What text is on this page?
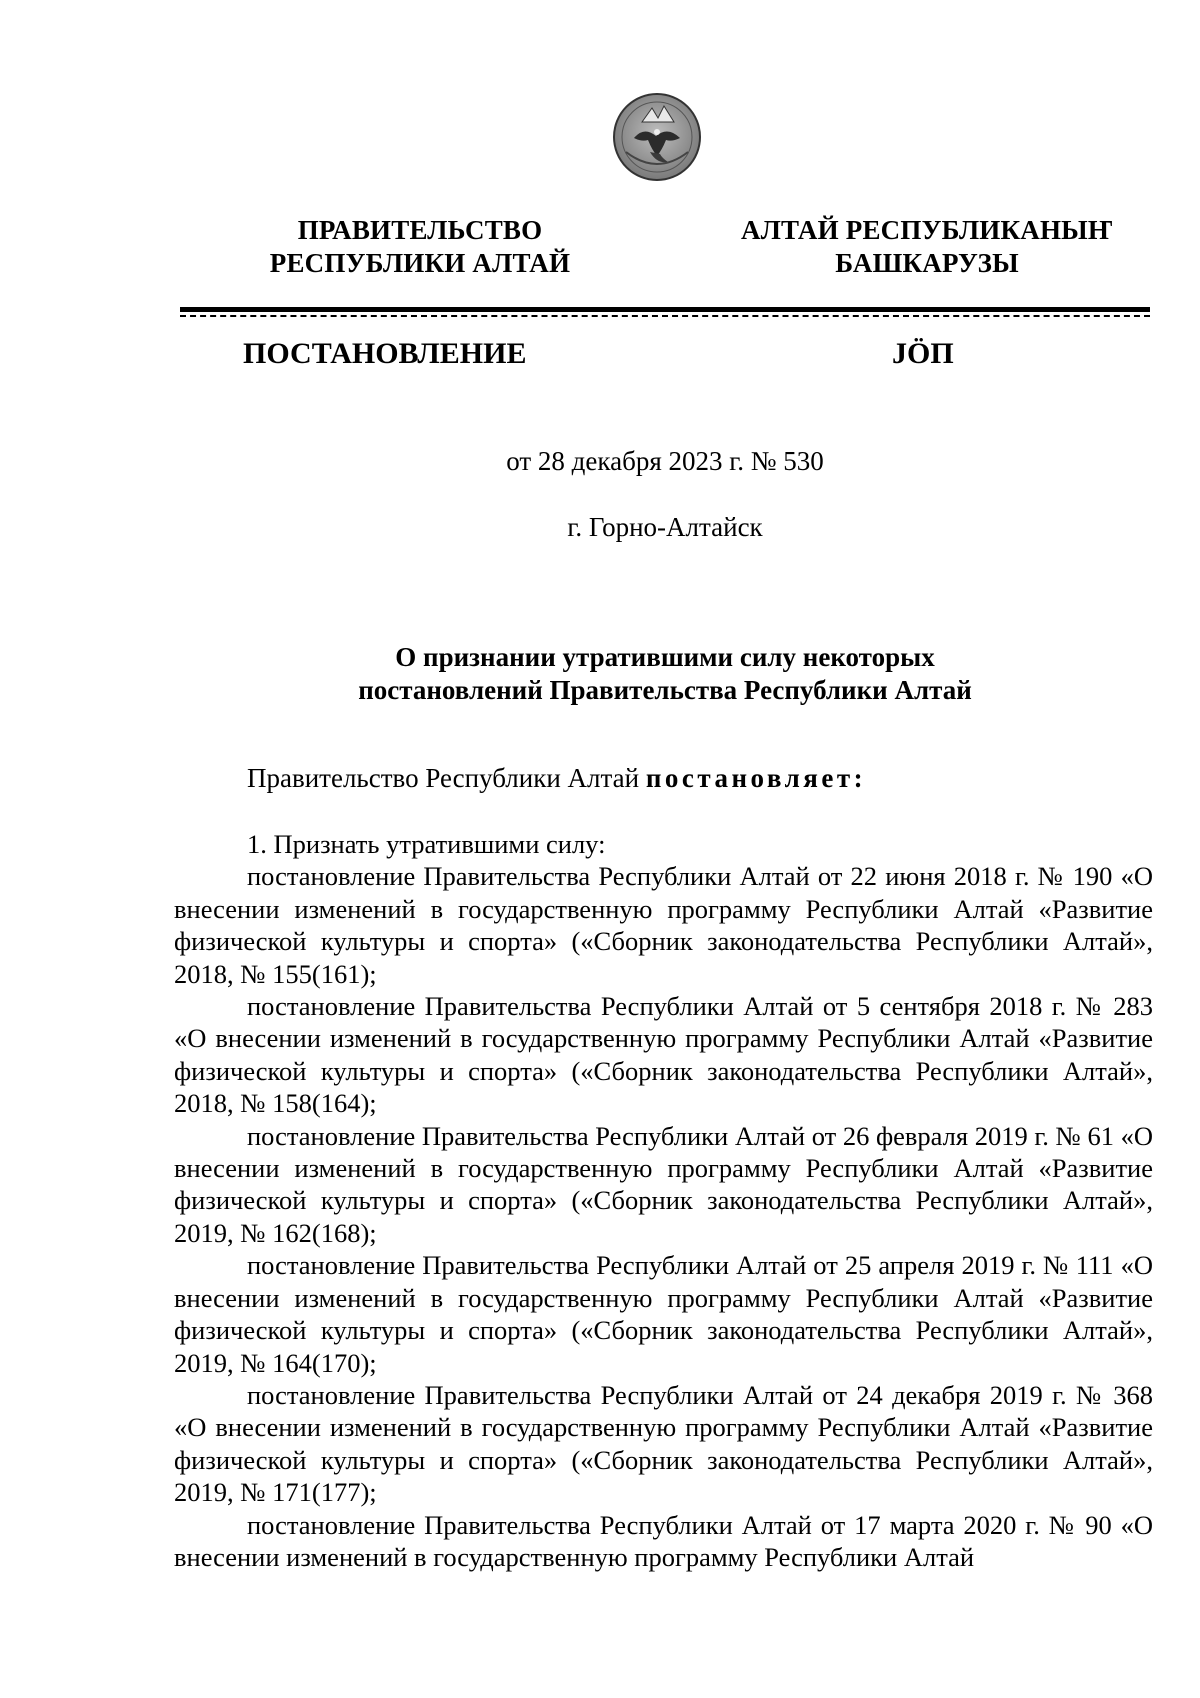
ПРАВИТЕЛЬСТВО
РЕСПУБЛИКИ АЛТАЙ
АЛТАЙ РЕСПУБЛИКАНЫҤ
БАШКАРУЗЫ
ПОСТАНОВЛЕНИЕ	JӦП
от 28 декабря 2023 г. № 530
г. Горно-Алтайск
О признании утратившими силу некоторых
постановлений Правительства Республики Алтай
Правительство Республики Алтай постановляет:

1. Признать утратившими силу:

постановление Правительства Республики Алтай от 22 июня 2018 г. № 190 «О внесении изменений в государственную программу Республики Алтай «Развитие физической культуры и спорта» («Сборник законодательства Республики Алтай», 2018, № 155(161);

постановление Правительства Республики Алтай от 5 сентября 2018 г. № 283 «О внесении изменений в государственную программу Республики Алтай «Развитие физической культуры и спорта» («Сборник законодательства Республики Алтай», 2018, № 158(164);

постановление Правительства Республики Алтай от 26 февраля 2019 г. № 61 «О внесении изменений в государственную программу Республики Алтай «Развитие физической культуры и спорта» («Сборник законодательства Республики Алтай», 2019, № 162(168);

постановление Правительства Республики Алтай от 25 апреля 2019 г. № 111 «О внесении изменений в государственную программу Республики Алтай «Развитие физической культуры и спорта» («Сборник законодательства Республики Алтай», 2019, № 164(170);

постановление Правительства Республики Алтай от 24 декабря 2019 г. № 368 «О внесении изменений в государственную программу Республики Алтай «Развитие физической культуры и спорта» («Сборник законодательства Республики Алтай», 2019, № 171(177);

постановление Правительства Республики Алтай от 17 марта 2020 г. № 90 «О внесении изменений в государственную программу Республики Алтай
